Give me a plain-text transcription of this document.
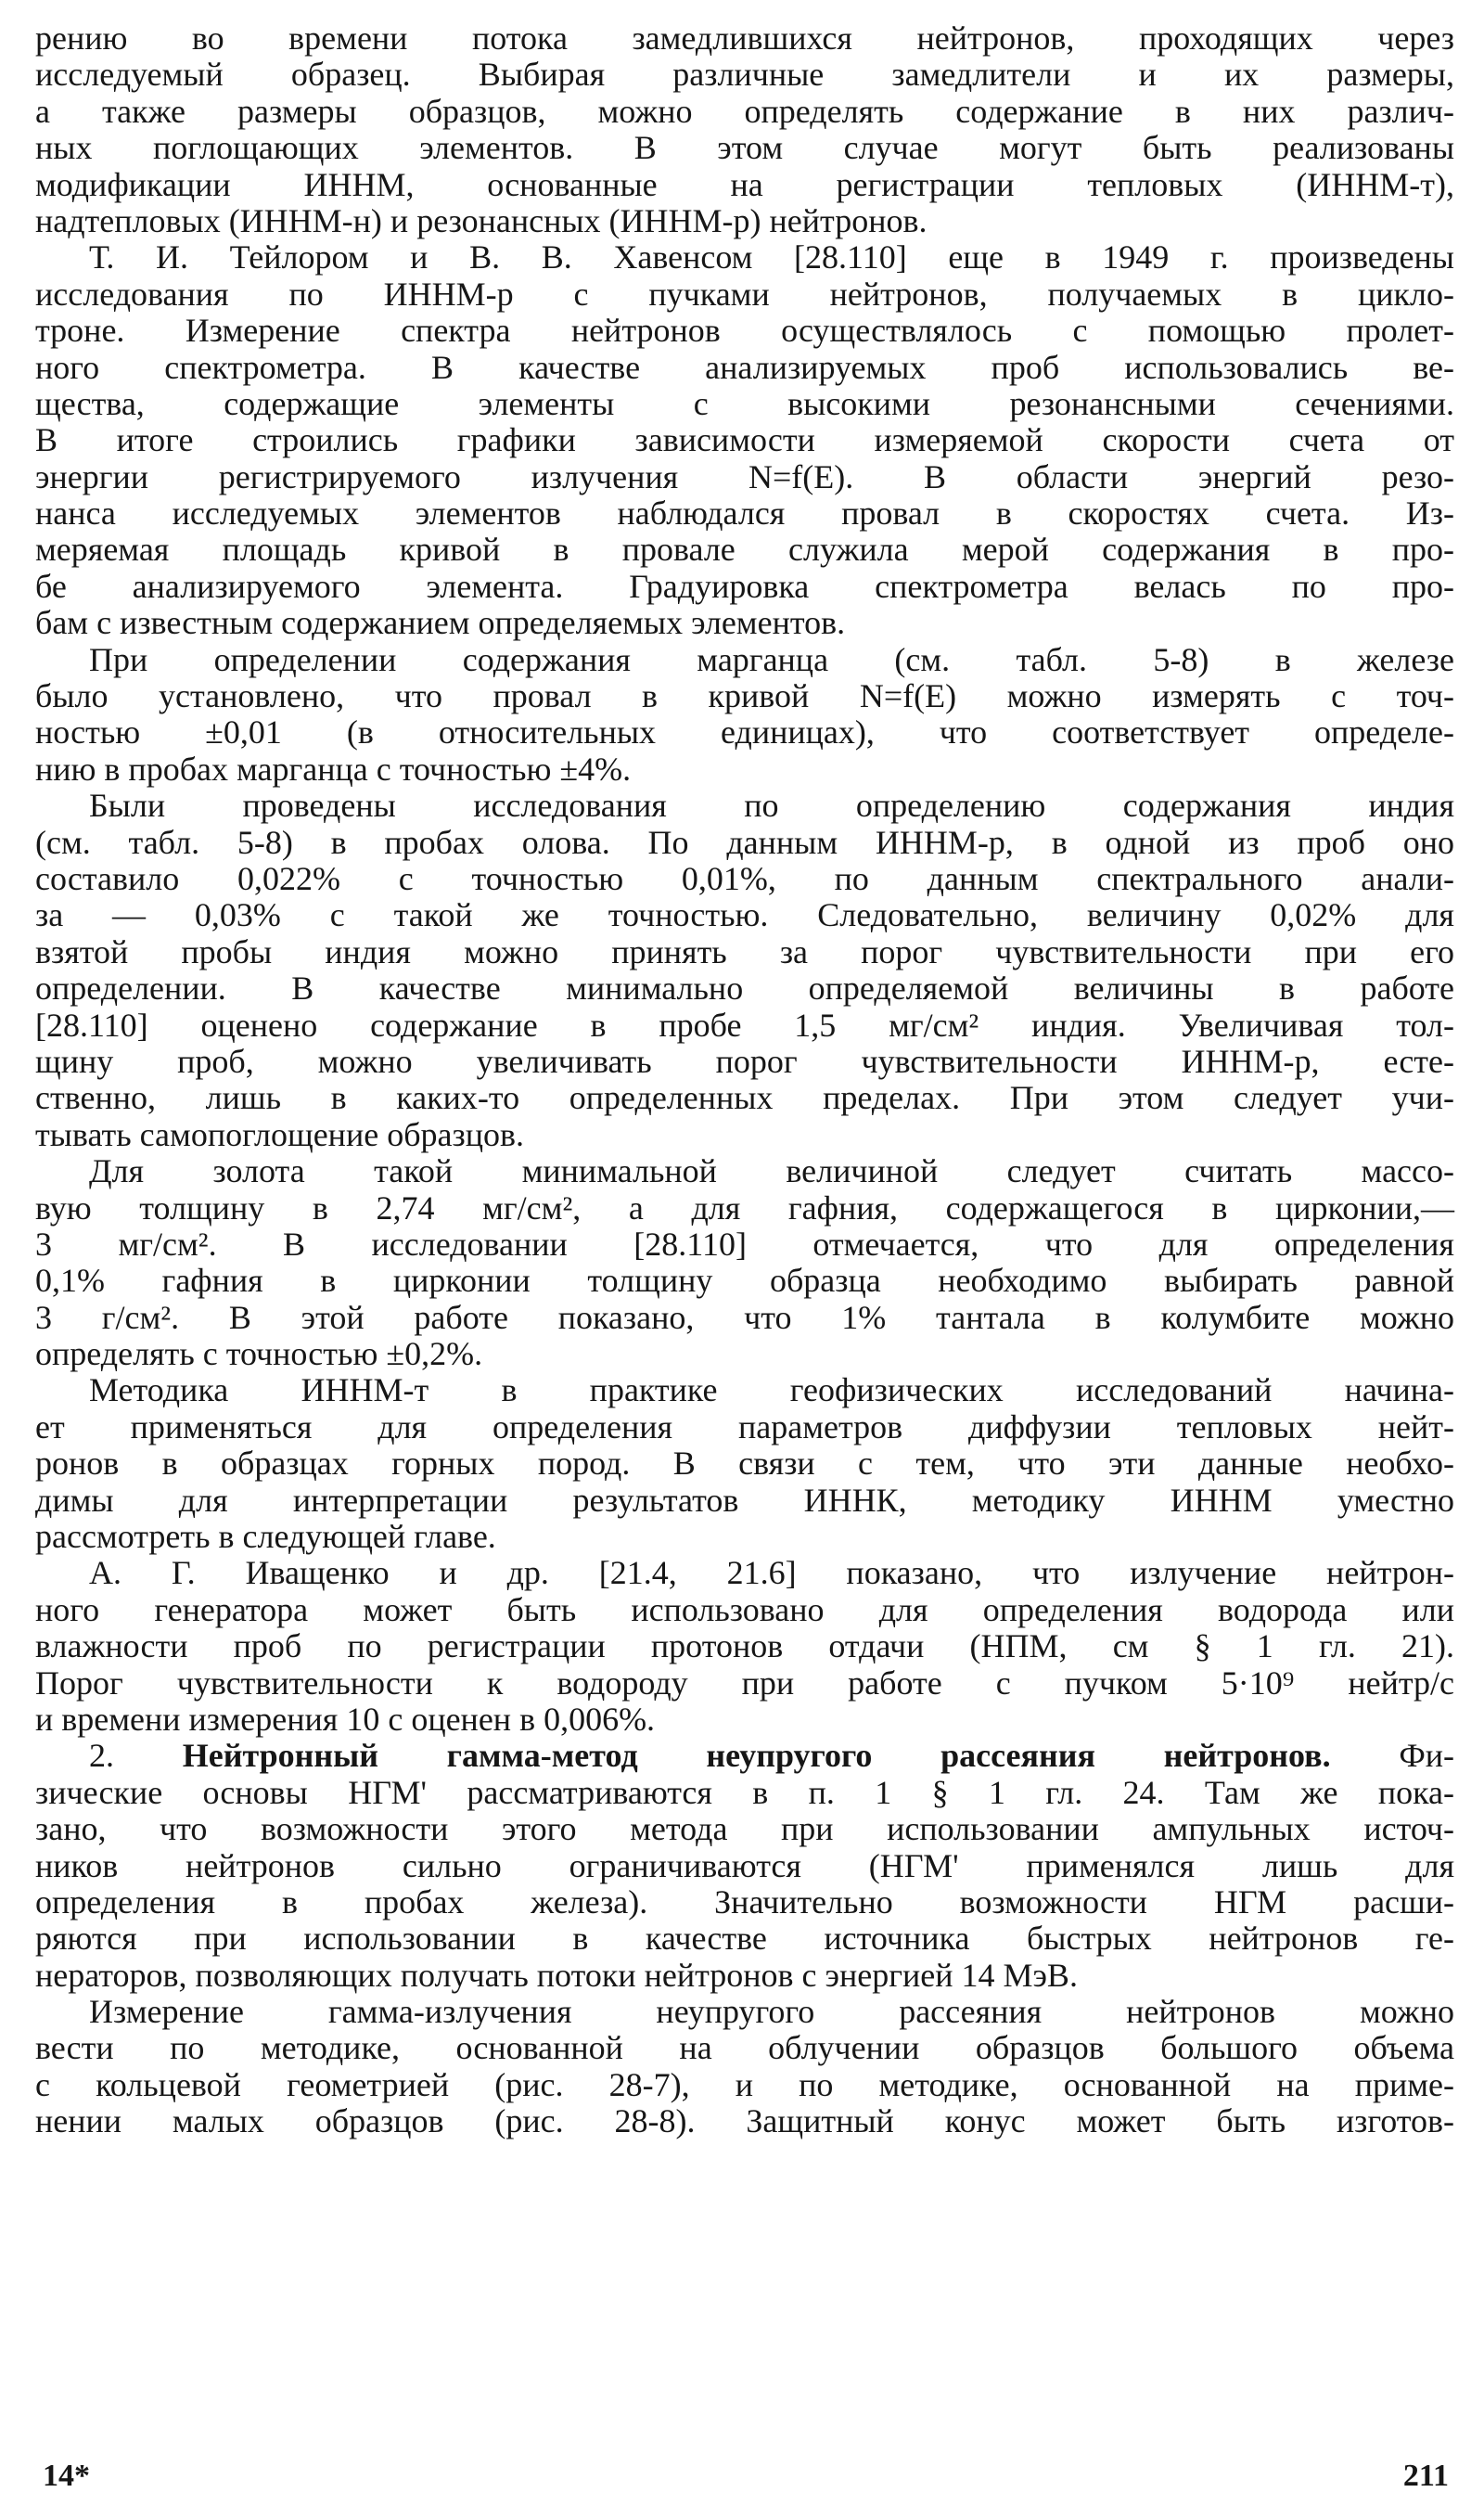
рению во времени потока замедлившихся нейтронов, проходящих через
исследуемый образец. Выбирая различные замедлители и их размеры,
а также размеры образцов, можно определять содержание в них различ-
ных поглощающих элементов. В этом случае могут быть реализованы
модификации ИННМ, основанные на регистрации тепловых (ИННМ-т),
надтепловых (ИННМ-н) и резонансных (ИННМ-р) нейтронов.
Т. И. Тейлором и В. В. Хавенсом [28.110] еще в 1949 г. произведены
исследования по ИННМ-р с пучками нейтронов, получаемых в цикло-
троне. Измерение спектра нейтронов осуществлялось с помощью пролет-
ного спектрометра. В качестве анализируемых проб использовались ве-
щества, содержащие элементы с высокими резонансными сечениями.
В итоге строились графики зависимости измеряемой скорости счета от
энергии регистрируемого излучения N=f(E). В области энергий резо-
нанса исследуемых элементов наблюдался провал в скоростях счета. Из-
меряемая площадь кривой в провале служила мерой содержания в про-
бе анализируемого элемента. Градуировка спектрометра велась по про-
бам с известным содержанием определяемых элементов.
При определении содержания марганца (см. табл. 5-8) в железе
было установлено, что провал в кривой N=f(E) можно измерять с точ-
ностью ±0,01 (в относительных единицах), что соответствует определе-
нию в пробах марганца с точностью ±4%.
Были проведены исследования по определению содержания индия
(см. табл. 5-8) в пробах олова. По данным ИННМ-р, в одной из проб оно
составило 0,022% с точностью 0,01%, по данным спектрального анали-
за — 0,03% с такой же точностью. Следовательно, величину 0,02% для
взятой пробы индия можно принять за порог чувствительности при его
определении. В качестве минимально определяемой величины в работе
[28.110] оценено содержание в пробе 1,5 мг/см² индия. Увеличивая тол-
щину проб, можно увеличивать порог чувствительности ИННМ-р, есте-
ственно, лишь в каких-то определенных пределах. При этом следует учи-
тывать самопоглощение образцов.
Для золота такой минимальной величиной следует считать массо-
вую толщину в 2,74 мг/см², а для гафния, содержащегося в цирконии,—
3 мг/см². В исследовании [28.110] отмечается, что для определения
0,1% гафния в цирконии толщину образца необходимо выбирать равной
3 г/см². В этой работе показано, что 1% тантала в колумбите можно
определять с точностью ±0,2%.
Методика ИННМ-т в практике геофизических исследований начина-
ет применяться для определения параметров диффузии тепловых нейт-
ронов в образцах горных пород. В связи с тем, что эти данные необхо-
димы для интерпретации результатов ИННК, методику ИННМ уместно
рассмотреть в следующей главе.
А. Г. Иващенко и др. [21.4, 21.6] показано, что излучение нейтрон-
ного генератора может быть использовано для определения водорода или
влажности проб по регистрации протонов отдачи (НПМ, см § 1 гл. 21).
Порог чувствительности к водороду при работе с пучком 5·10⁹ нейтр/с
и времени измерения 10 с оценен в 0,006%.
2. Нейтронный гамма-метод неупругого рассеяния нейтронов. Фи-
зические основы НГМ' рассматриваются в п. 1 § 1 гл. 24. Там же пока-
зано, что возможности этого метода при использовании ампульных источ-
ников нейтронов сильно ограничиваются (НГМ' применялся лишь для
определения в пробах железа). Значительно возможности НГМ расши-
ряются при использовании в качестве источника быстрых нейтронов ге-
нераторов, позволяющих получать потоки нейтронов с энергией 14 МэВ.
Измерение гамма-излучения неупругого рассеяния нейтронов можно
вести по методике, основанной на облучении образцов большого объема
с кольцевой геометрией (рис. 28-7), и по методике, основанной на приме-
нении малых образцов (рис. 28-8). Защитный конус может быть изготов-
14*	211
